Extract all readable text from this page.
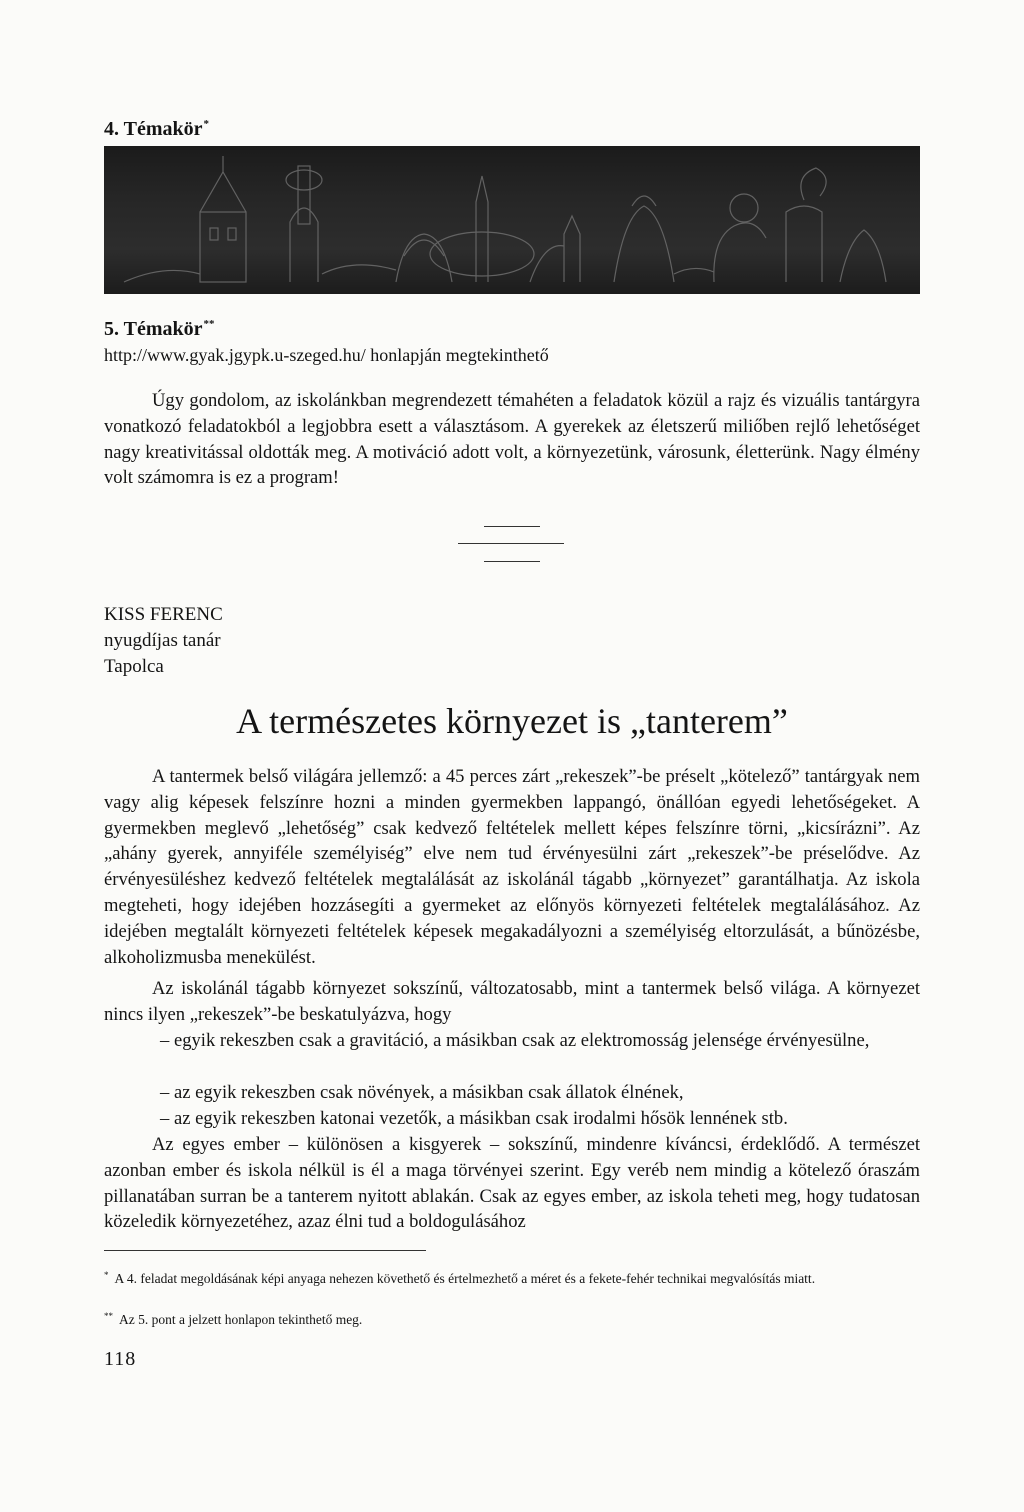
4. Témakör*
5. Témakör**
http://www.gyak.jgypk.u-szeged.hu/ honlapján megtekinthető

Úgy gondolom, az iskolánkban megrendezett témahéten a feladatok közül a rajz és vizuális tantárgyra vonatkozó feladatokból a legjobbra esett a választásom. A gyerekek az életszerű miliőben rejlő lehetőséget nagy kreativitással oldották meg. A motiváció adott volt, a környezetünk, városunk, életterünk. Nagy élmény volt számomra is ez a program!

KISS FERENC
nyugdíjas tanár
Tapolca
A természetes környezet is „tanterem”

A tantermek belső világára jellemző: a 45 perces zárt „rekeszek”-be préselt „kötelező” tantárgyak nem vagy alig képesek felszínre hozni a minden gyermekben lappangó, önállóan egyedi lehetőségeket. A gyermekben meglevő „lehetőség” csak kedvező feltételek mellett képes felszínre törni, „kicsírázni”. Az „ahány gyerek, annyiféle személyiség” elve nem tud érvényesülni zárt „rekeszek”-be préselődve. Az érvényesüléshez kedvező feltételek megtalálását az iskolánál tágabb „környezet” garantálhatja. Az iskola megteheti, hogy idejében hozzásegíti a gyermeket az előnyös környezeti feltételek megtalálásához. Az idejében megtalált környezeti feltételek képesek megakadályozni a személyiség eltorzulását, a bűnözésbe, alkoholizmusba menekülést.

Az iskolánál tágabb környezet sokszínű, változatosabb, mint a tantermek belső világa. A környezet nincs ilyen „rekeszek”-be beskatulyázva, hogy

– egyik rekeszben csak a gravitáció, a másikban csak az elektromosság jelensége érvényesülne,

– az egyik rekeszben csak növények, a másikban csak állatok élnének,

– az egyik rekeszben katonai vezetők, a másikban csak irodalmi hősök lennének stb.

Az egyes ember – különösen a kisgyerek – sokszínű, mindenre kíváncsi, érdeklődő. A természet azonban ember és iskola nélkül is él a maga törvényei szerint. Egy veréb nem mindig a kötelező óraszám pillanatában surran be a tanterem nyitott ablakán. Csak az egyes ember, az iskola teheti meg, hogy tudatosan közeledik környezetéhez, azaz élni tud a boldogulásához

* A 4. feladat megoldásának képi anyaga nehezen követhető és értelmezhető a méret és a fekete-fehér technikai megvalósítás miatt.

** Az 5. pont a jelzett honlapon tekinthető meg.

118
